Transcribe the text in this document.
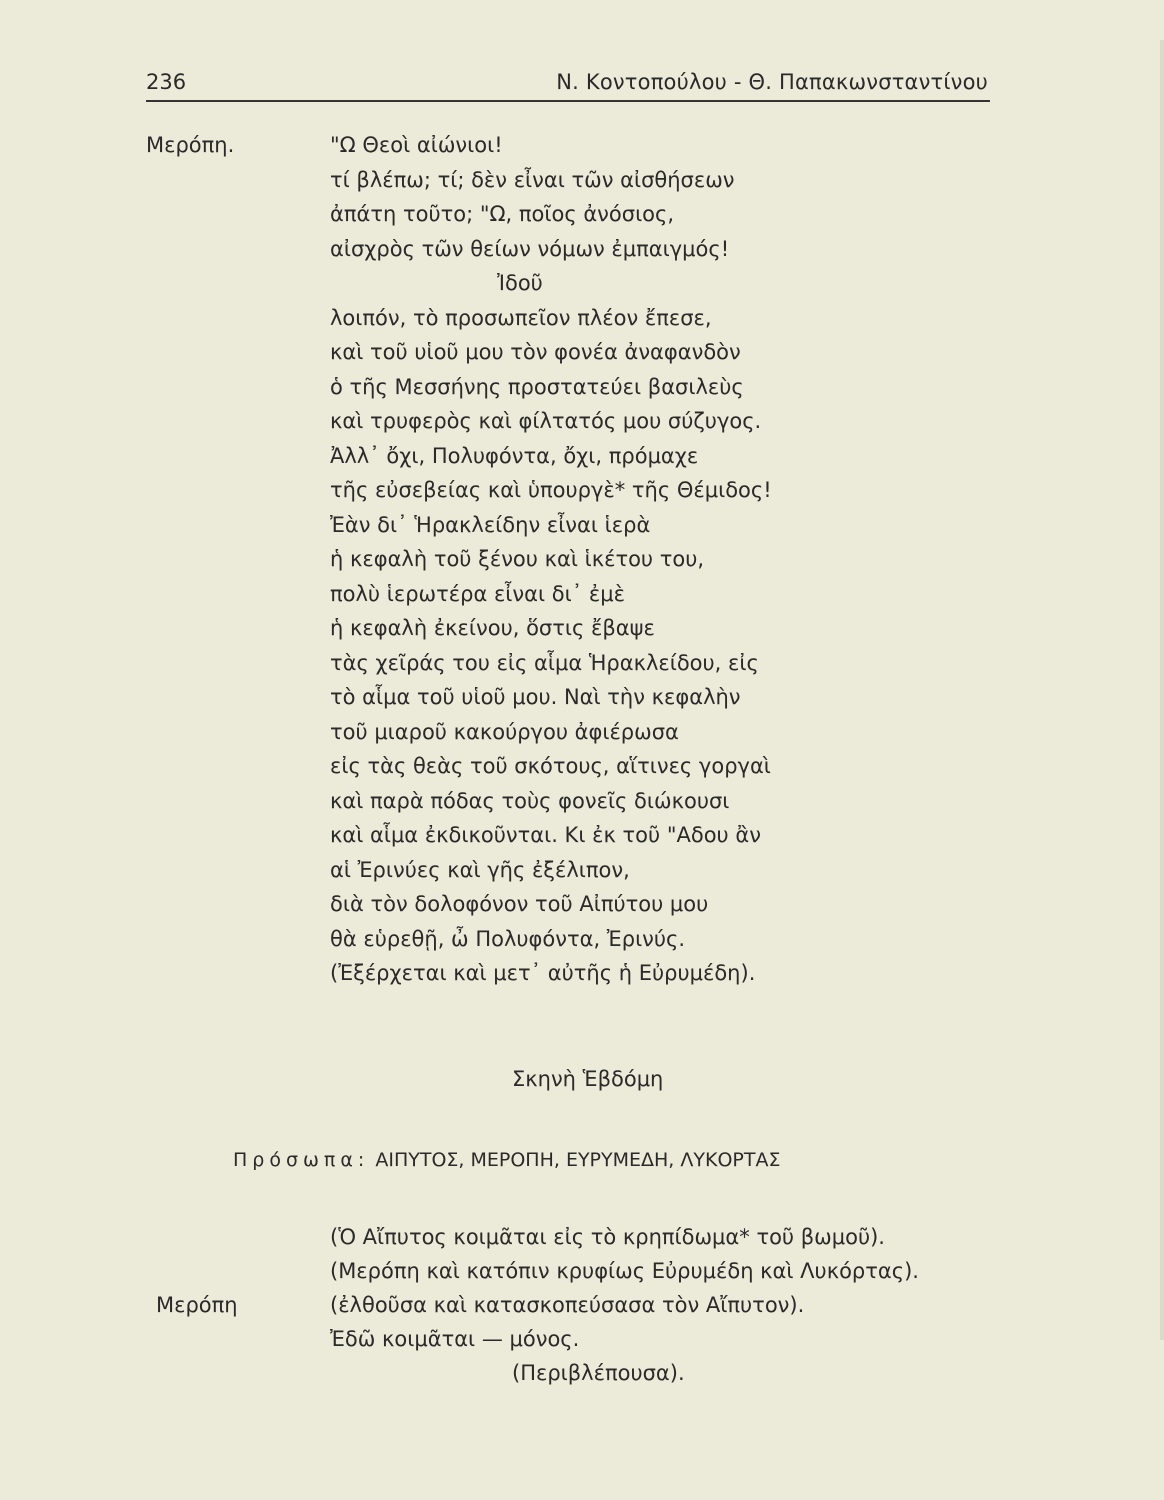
236	Ν. Κοντοπούλου - Θ. Παπακωνσταντίνου
Μερόπη.	"Ω Θεοὶ αἰώνιοι!
τί βλέπω; τί; δὲν εἶναι τῶν αἰσθήσεων
ἀπάτη τοῦτο; "Ω, ποῖος ἀνόσιος,
αἰσχρὸς τῶν θείων νόμων ἐμπαιγμός!
Ἰδοῦ
λοιπόν, τὸ προσωπεῖον πλέον ἔπεσε,
καὶ τοῦ υἱοῦ μου τὸν φονέα ἀναφανδὸν
ὁ τῆς Μεσσήνης προστατεύει βασιλεὺς
καὶ τρυφερὸς καὶ φίλτατός μου σύζυγος.
Ἀλλ᾽ ὄχι, Πολυφόντα, ὄχι, πρόμαχε
τῆς εὐσεβείας καὶ ὑπουργὲ* τῆς Θέμιδος!
Ἐὰν δι᾽ Ἡρακλείδην εἶναι ἱερὰ
ἡ κεφαλὴ τοῦ ξένου καὶ ἱκέτου του,
πολὺ ἱερωτέρα εἶναι δι᾽ ἐμὲ
ἡ κεφαλὴ ἐκείνου, ὅστις ἔβαψε
τὰς χεῖράς του εἰς αἷμα Ἡρακλείδου, εἰς
τὸ αἷμα τοῦ υἱοῦ μου. Ναὶ τὴν κεφαλὴν
τοῦ μιαροῦ κακούργου ἀφιέρωσα
εἰς τὰς θεὰς τοῦ σκότους, αἵτινες γοργαὶ
καὶ παρὰ πόδας τοὺς φονεῖς διώκουσι
καὶ αἷμα ἐκδικοῦνται. Κι ἐκ τοῦ "Αδου ἂν
αἱ Ἐρινύες καὶ γῆς ἐξέλιπον,
διὰ τὸν δολοφόνον τοῦ Αἰπύτου μου
θὰ εὑρεθῇ, ὦ Πολυφόντα, Ἐρινύς.
(Ἐξέρχεται καὶ μετ᾽ αὐτῆς ἡ Εὐρυμέδη).
Σκηνὴ Ἑβδόμη
Πρόσωπα: ΑΙΠΥΤΟΣ, ΜΕΡΟΠΗ, ΕΥΡΥΜΕΔΗ, ΛΥΚΟΡΤΑΣ
Μερόπη
(Ὁ Αἴπυτος κοιμᾶται εἰς τὸ κρηπίδωμα* τοῦ βωμοῦ).
(Μερόπη καὶ κατόπιν κρυφίως Εὐρυμέδη καὶ Λυκόρτας).
(ἐλθοῦσα καὶ κατασκοπεύσασα τὸν Αἴπυτον).
Ἐδῶ κοιμᾶται — μόνος.
(Περιβλέπουσα).
